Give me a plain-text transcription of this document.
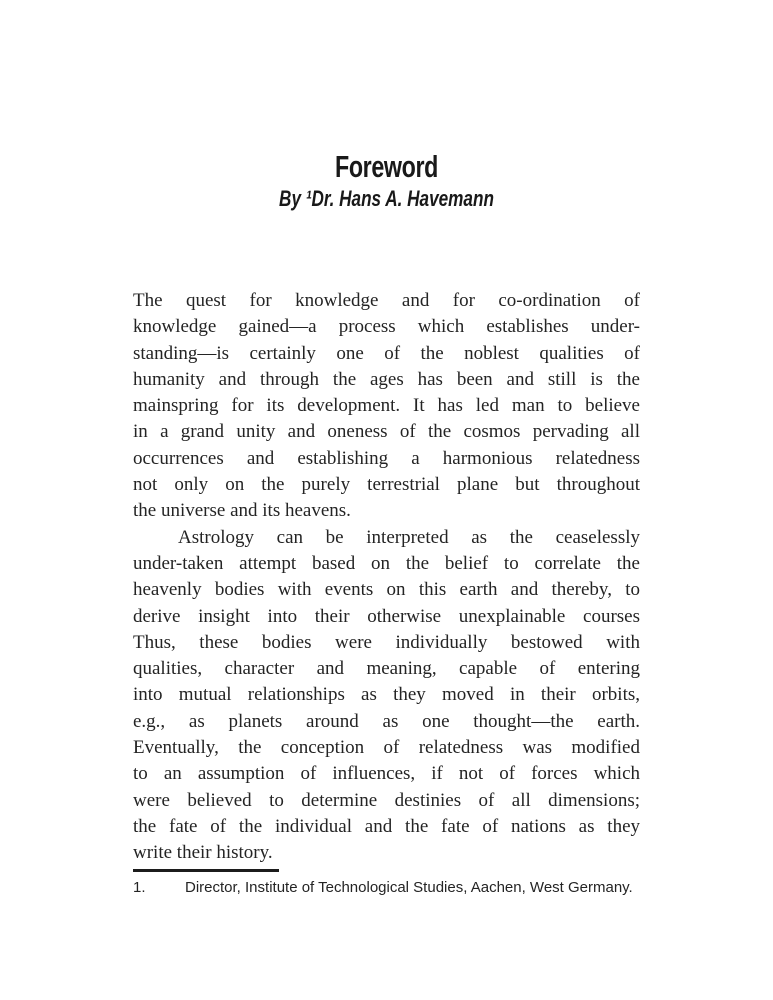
Foreword
By ¹Dr. Hans A. Havemann
The quest for knowledge and for co-ordination of
knowledge gained—a process which establishes under-
standing—is certainly one of the noblest qualities of
humanity and through the ages has been and still is the
mainspring for its development. It has led man to believe
in a grand unity and oneness of the cosmos pervading all
occurrences and establishing a harmonious relatedness
not only on the purely terrestrial plane but throughout
the universe and its heavens.
Astrology can be interpreted as the ceaselessly
under-taken attempt based on the belief to correlate the
heavenly bodies with events on this earth and thereby, to
derive insight into their otherwise unexplainable courses
Thus, these bodies were individually bestowed with
qualities, character and meaning, capable of entering
into mutual relationships as they moved in their orbits,
e.g., as planets around as one thought—the earth.
Eventually, the conception of relatedness was modified
to an assumption of influences, if not of forces which
were believed to determine destinies of all dimensions;
the fate of the individual and the fate of nations as they
write their history.
1.	Director, Institute of Technological Studies, Aachen, West Germany.
